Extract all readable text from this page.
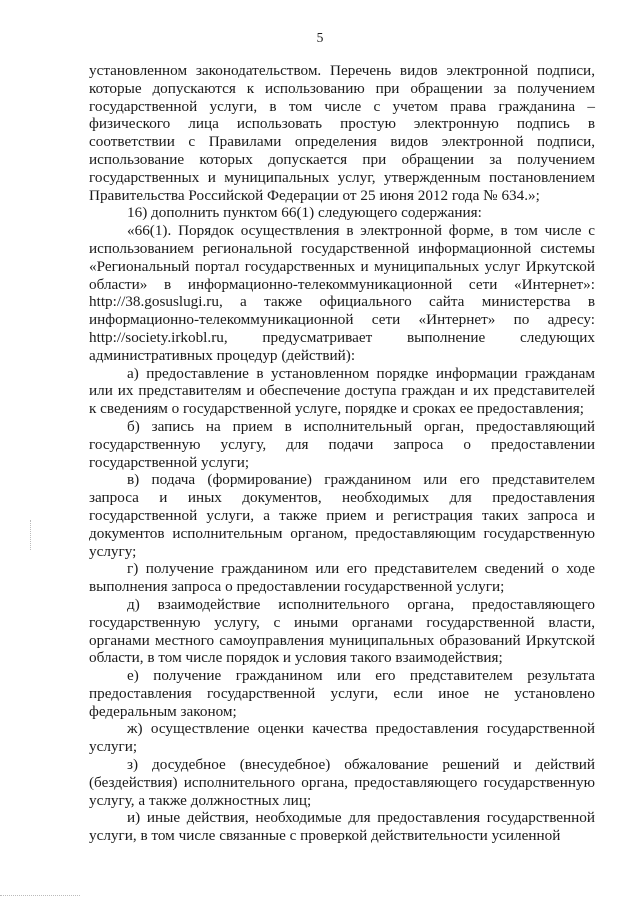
5

установленном законодательством. Перечень видов электронной подписи, которые допускаются к использованию при обращении за получением государственной услуги, в том числе с учетом права гражданина – физического лица использовать простую электронную подпись в соответствии с Правилами определения видов электронной подписи, использование которых допускается при обращении за получением государственных и муниципальных услуг, утвержденным постановлением Правительства Российской Федерации от 25 июня 2012 года № 634.»;

16) дополнить пунктом 66(1) следующего содержания:

«66(1). Порядок осуществления в электронной форме, в том числе с использованием региональной государственной информационной системы «Региональный портал государственных и муниципальных услуг Иркутской области» в информационно-телекоммуникационной сети «Интернет»: http://38.gosuslugi.ru, а также официального сайта министерства в информационно-телекоммуникационной сети «Интернет» по адресу: http://society.irkobl.ru, предусматривает выполнение следующих административных процедур (действий):

а) предоставление в установленном порядке информации гражданам или их представителям и обеспечение доступа граждан и их представителей к сведениям о государственной услуге, порядке и сроках ее предоставления;

б) запись на прием в исполнительный орган, предоставляющий государственную услугу, для подачи запроса о предоставлении государственной услуги;

в) подача (формирование) гражданином или его представителем запроса и иных документов, необходимых для предоставления государственной услуги, а также прием и регистрация таких запроса и документов исполнительным органом, предоставляющим государственную услугу;

г) получение гражданином или его представителем сведений о ходе выполнения запроса о предоставлении государственной услуги;

д) взаимодействие исполнительного органа, предоставляющего государственную услугу, с иными органами государственной власти, органами местного самоуправления муниципальных образований Иркутской области, в том числе порядок и условия такого взаимодействия;

е) получение гражданином или его представителем результата предоставления государственной услуги, если иное не установлено федеральным законом;

ж) осуществление оценки качества предоставления государственной услуги;

з) досудебное (внесудебное) обжалование решений и действий (бездействия) исполнительного органа, предоставляющего государственную услугу, а также должностных лиц;

и) иные действия, необходимые для предоставления государственной услуги, в том числе связанные с проверкой действительности усиленной
